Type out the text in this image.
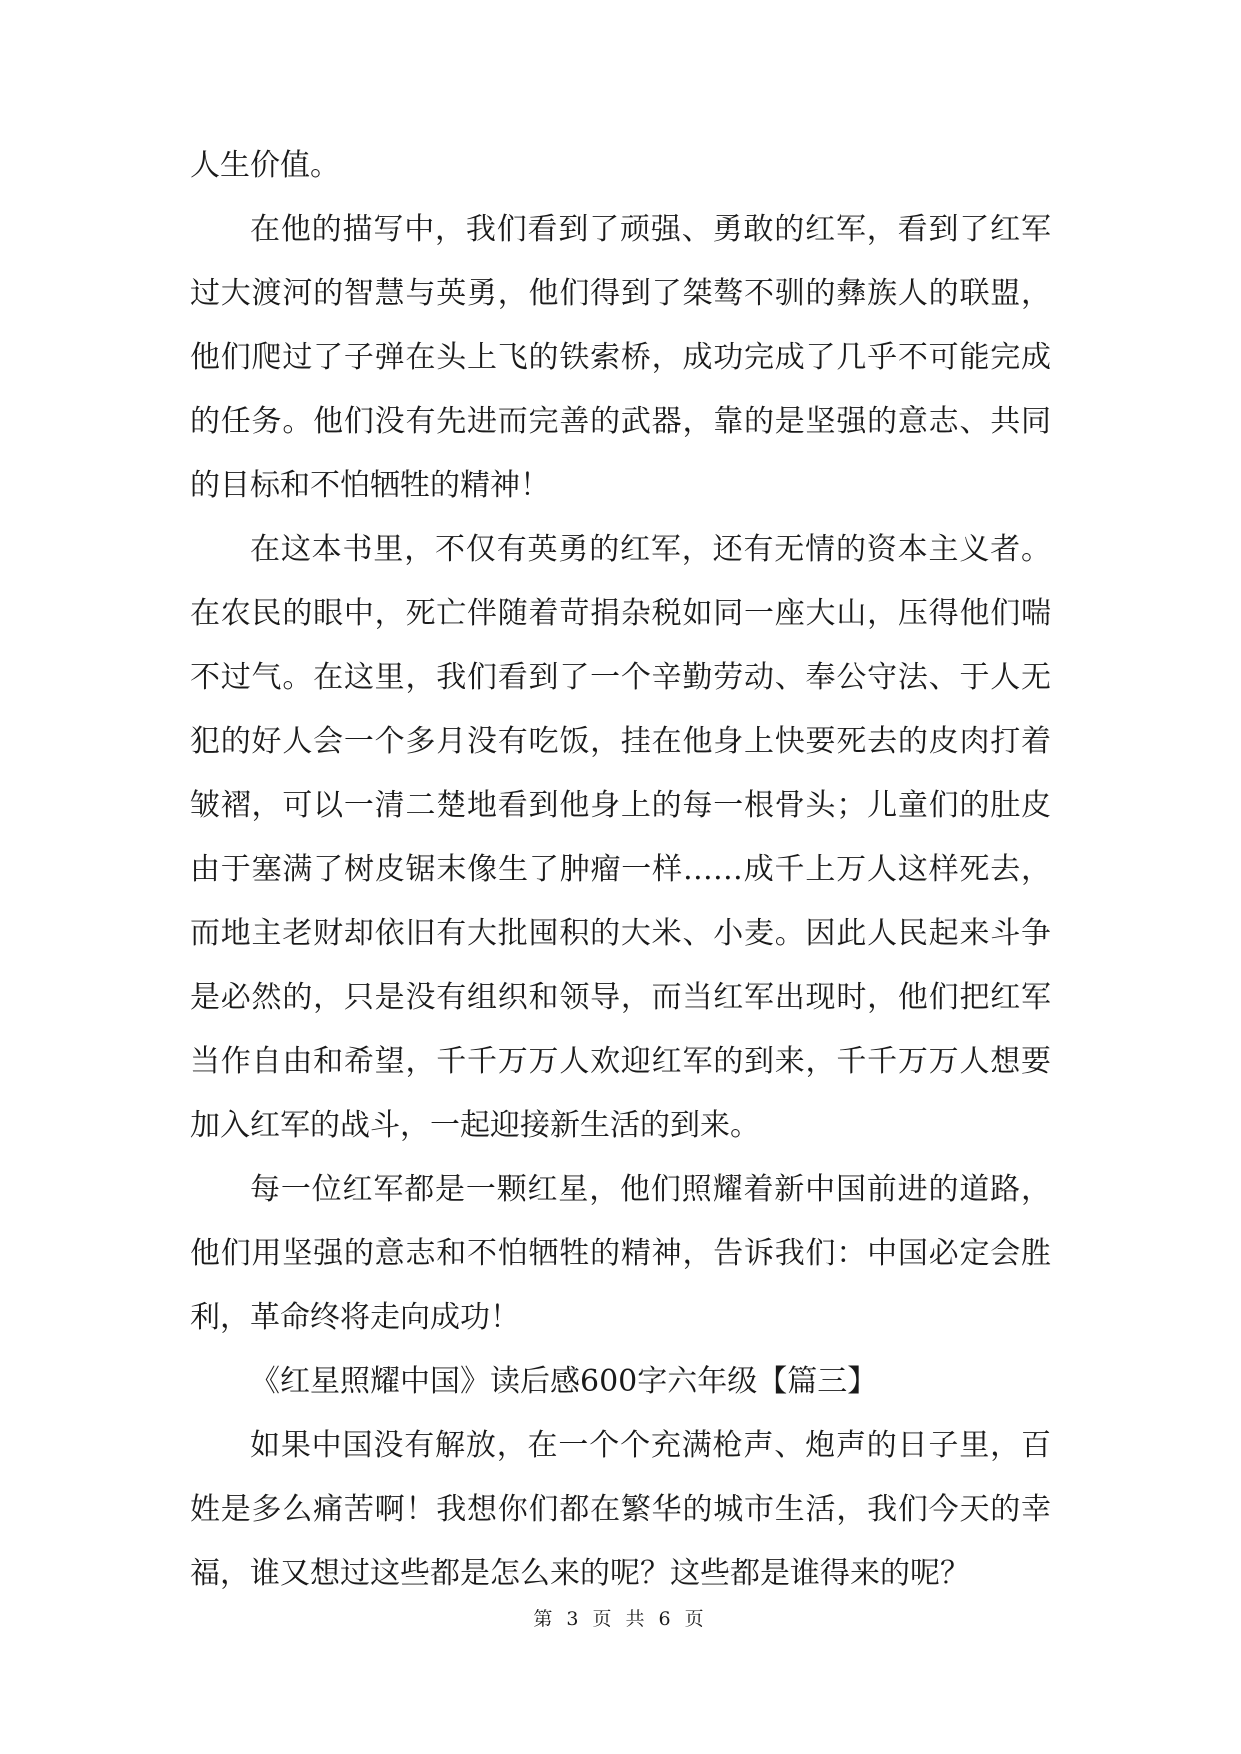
人生价值。

在他的描写中，我们看到了顽强、勇敢的红军，看到了红军过大渡河的智慧与英勇，他们得到了桀骜不驯的彝族人的联盟，他们爬过了子弹在头上飞的铁索桥，成功完成了几乎不可能完成的任务。他们没有先进而完善的武器，靠的是坚强的意志、共同的目标和不怕牺牲的精神！

在这本书里，不仅有英勇的红军，还有无情的资本主义者。在农民的眼中，死亡伴随着苛捐杂税如同一座大山，压得他们喘不过气。在这里，我们看到了一个辛勤劳动、奉公守法、于人无犯的好人会一个多月没有吃饭，挂在他身上快要死去的皮肉打着皱褶，可以一清二楚地看到他身上的每一根骨头；儿童们的肚皮由于塞满了树皮锯末像生了肿瘤一样……成千上万人这样死去，而地主老财却依旧有大批囤积的大米、小麦。因此人民起来斗争是必然的，只是没有组织和领导，而当红军出现时，他们把红军当作自由和希望，千千万万人欢迎红军的到来，千千万万人想要加入红军的战斗，一起迎接新生活的到来。

每一位红军都是一颗红星，他们照耀着新中国前进的道路，他们用坚强的意志和不怕牺牲的精神，告诉我们：中国必定会胜利，革命终将走向成功！

《红星照耀中国》读后感600字六年级【篇三】

如果中国没有解放，在一个个充满枪声、炮声的日子里，百姓是多么痛苦啊！我想你们都在繁华的城市生活，我们今天的幸福，谁又想过这些都是怎么来的呢？这些都是谁得来的呢？

第 3 页 共 6 页
